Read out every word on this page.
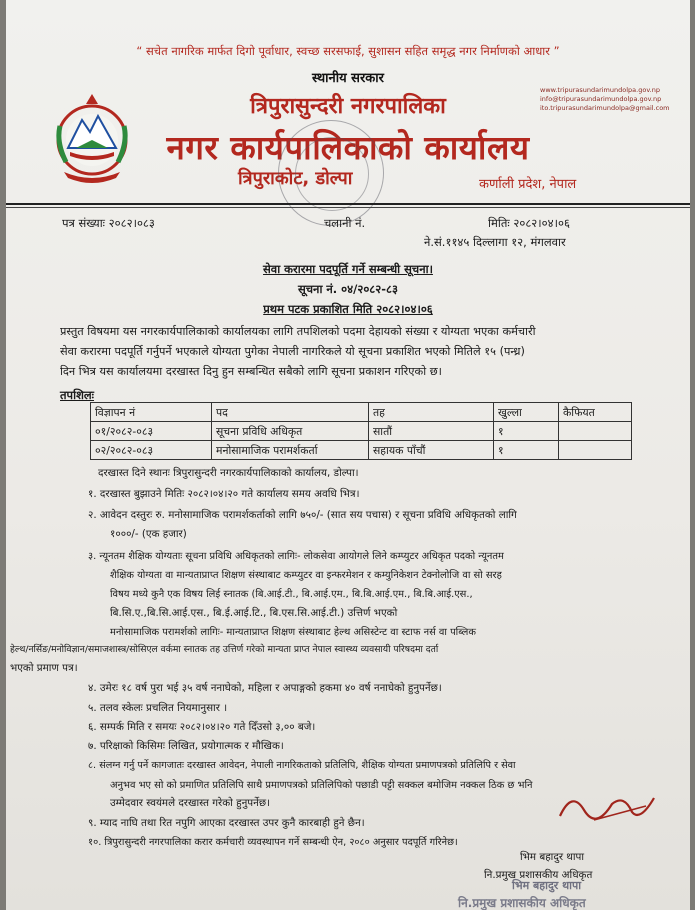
“ सचेत नागरिक मार्फत दिगो पूर्वाधार, स्वच्छ सरसफाई, सुशासन सहित समृद्ध नगर निर्माणको आधार ”
स्थानीय सरकार
त्रिपुरासुन्दरी नगरपालिका
नगर कार्यपालिकाको कार्यालय
त्रिपुराकोट, डोल्पा	कर्णाली प्रदेश, नेपाल
www.tripurasundarimundolpa.gov.np
info@tripurasundarimundolpa.gov.np
ito.tripurasundarimundolpa@gmail.com
पत्र संख्याः २०८२।०८३	चलानी नं.	मितिः २०८२।०४।०६
ने.सं.११४५ दिल्लागा १२, मंगलवार
सेवा करारमा पदपूर्ति गर्ने सम्बन्धी सूचना।
सूचना नं. ०४/२०८२-८३
प्रथम पटक प्रकाशित मिति २०८२।०४।०६
प्रस्तुत विषयमा यस नगरकार्यपालिकाको कार्यालयका लागि तपशिलको पदमा देहायको संख्या र योग्यता भएका कर्मचारी
सेवा करारमा पदपूर्ति गर्नुपर्ने भएकाले योग्यता पुगेका नेपाली नागरिकले यो सूचना प्रकाशित भएको मितिले १५ (पन्ध्र)
दिन भित्र यस कार्यालयमा दरखास्त दिनु हुन सम्बन्धित सबैको लागि सूचना प्रकाशन गरिएको छ।
तपशिलः
विज्ञापन नं	पद	तह	खुल्ला	कैफियत
०१/२०८२-०८३	सूचना प्रविधि अधिकृत	सातौं	१	
०२/२०८२-०८३	मनोसामाजिक परामर्शकर्ता	सहायक पाँचौं	१	
दरखास्त दिने स्थानः त्रिपुरासुन्दरी नगरकार्यपालिकाको कार्यालय, डोल्पा।
१. दरखास्त बुझाउने मितिः २०८२।०४।२० गते कार्यालय समय अवधि भित्र।
२. आवेदन दस्तुरः रु. मनोसामाजिक परामर्शकर्ताको लागि ७५०/- (सात सय पचास) र सूचना प्रविधि अधिकृतको लागि
१०००/- (एक हजार)
३. न्यूनतम शैक्षिक योग्यताः सूचना प्रविधि अधिकृतको लागिः- लोकसेवा आयोगले लिने कम्प्युटर अधिकृत पदको न्यूनतम
शैक्षिक योग्यता वा मान्यताप्राप्त शिक्षण संस्थाबाट कम्प्युटर वा इन्फरमेशन र कम्युनिकेशन टेक्नोलोजि वा सो सरह
विषय मध्ये कुनै एक विषय लिई स्नातक (बि.आई.टी., बि.आई.एम., बि.बि.आई.एम., बि.बि.आई.एस.,
बि.सि.ए.,बि.सि.आई.एस., बि.ई.आई.टि., बि.एस.सि.आई.टी.) उत्तिर्ण भएको
मनोसामाजिक परामर्शको लागिः- मान्यताप्राप्त शिक्षण संस्थाबाट हेल्थ असिस्टेन्ट वा स्टाफ नर्स वा पब्लिक
हेल्थ/नर्सिङ/मनोविज्ञान/समाजशास्त्र/सोसिएल वर्कमा स्नातक तह उत्तिर्ण गरेको मान्यता प्राप्त नेपाल स्वास्थ्य व्यवसायी परिषदमा दर्ता
भएको प्रमाण पत्र।
४. उमेरः १८ वर्ष पुरा भई ३५ वर्ष ननाघेको, महिला र अपाङ्गको हकमा ४० वर्ष ननाघेको हुनुपर्नेछ।
५. तलव स्केलः प्रचलित नियमानुसार ।
६. सम्पर्क मिति र समयः २०८२।०४।२० गते दिँउसो ३,०० बजे।
७. परिक्षाको किसिमः लिखित, प्रयोगात्मक र मौखिक।
८. संलग्न गर्नु पर्ने कागजातः दरखास्त आवेदन, नेपाली नागरिकताको प्रतिलिपि, शैक्षिक योग्यता प्रमाणपत्रको प्रतिलिपि र सेवा
अनुभव भए सो को प्रमाणित प्रतिलिपि साथै प्रमाणपत्रको प्रतिलिपिको पछाडी पट्टी सक्कल बमोजिम नक्कल ठिक छ भनि
उम्मेदवार स्वयंमले दरखास्त गरेको हुनुपर्नेछ।
९. म्याद नाघि तथा रित नपुगि आएका दरखास्त उपर कुनै कारबाही हुने छैन।
१०. त्रिपुरासुन्दरी नगरपालिका करार कर्मचारी व्यवस्थापन गर्ने सम्बन्धी ऐन, २०८० अनुसार पदपूर्ति गरिनेछ।
भिम बहादुर थापा
नि.प्रमुख प्रशासकीय अधिकृत
भिम बहादुर थापा
नि.प्रमुख प्रशासकीय अधिकृत
